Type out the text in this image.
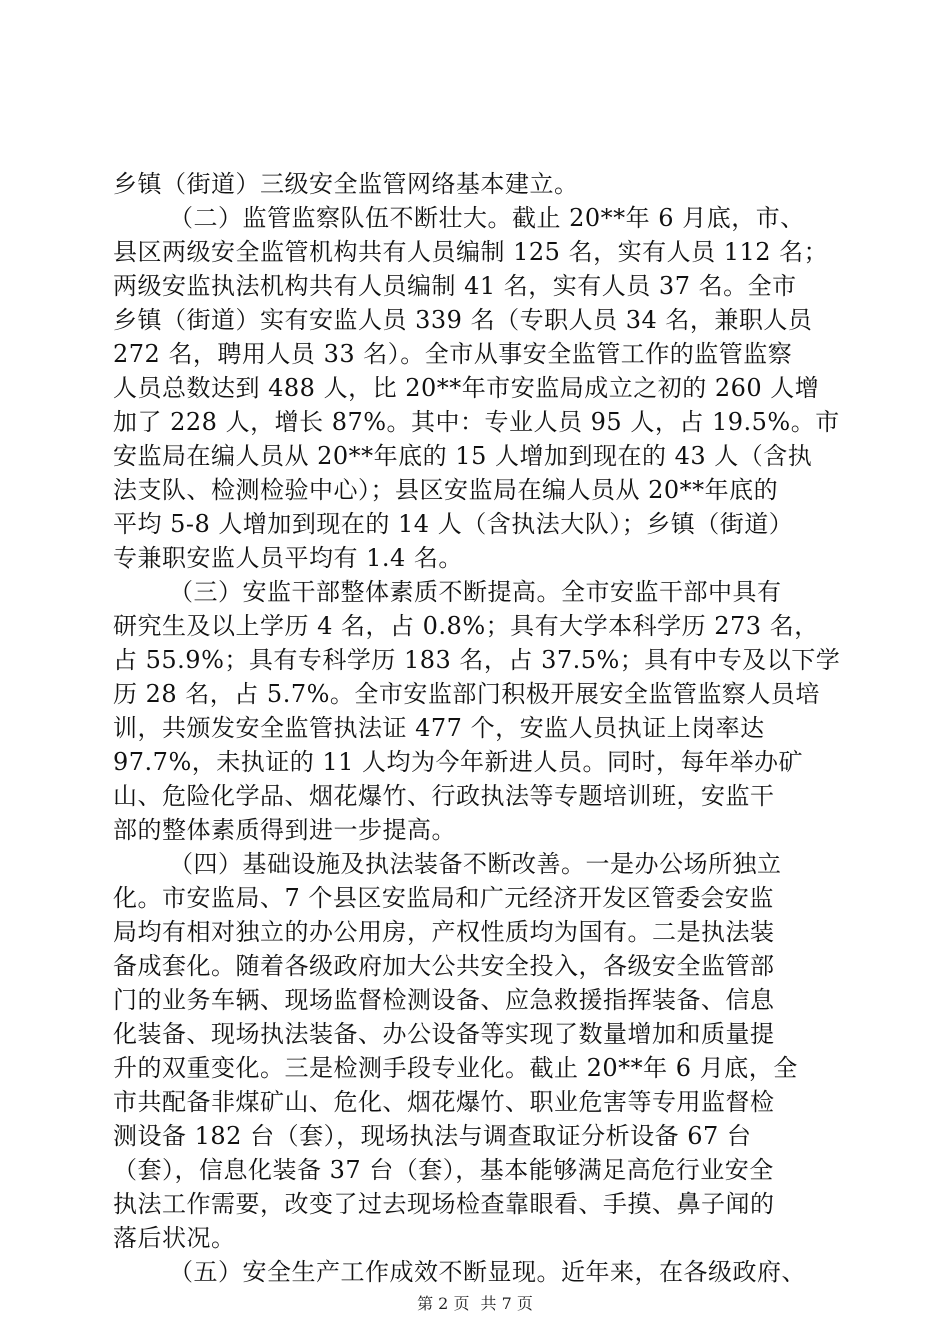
乡镇（街道）三级安全监管网络基本建立。
（二）监管监察队伍不断壮大。截止 20**年 6 月底，市、
县区两级安全监管机构共有人员编制 125 名，实有人员 112 名；
两级安监执法机构共有人员编制 41 名，实有人员 37 名。全市
乡镇（街道）实有安监人员 339 名（专职人员 34 名，兼职人员
272 名，聘用人员 33 名）。全市从事安全监管工作的监管监察
人员总数达到 488 人，比 20**年市安监局成立之初的 260 人增
加了 228 人，增长 87%。其中：专业人员 95 人，占 19.5%。市
安监局在编人员从 20**年底的 15 人增加到现在的 43 人（含执
法支队、检测检验中心）；县区安监局在编人员从 20**年底的
平均 5-8 人增加到现在的 14 人（含执法大队）；乡镇（街道）
专兼职安监人员平均有 1.4 名。
（三）安监干部整体素质不断提高。全市安监干部中具有
研究生及以上学历 4 名，占 0.8%；具有大学本科学历 273 名，
占 55.9%；具有专科学历 183 名，占 37.5%；具有中专及以下学
历 28 名，占 5.7%。全市安监部门积极开展安全监管监察人员培
训，共颁发安全监管执法证 477 个，安监人员执证上岗率达
97.7%，未执证的 11 人均为今年新进人员。同时，每年举办矿
山、危险化学品、烟花爆竹、行政执法等专题培训班，安监干
部的整体素质得到进一步提高。
（四）基础设施及执法装备不断改善。一是办公场所独立
化。市安监局、7 个县区安监局和广元经济开发区管委会安监
局均有相对独立的办公用房，产权性质均为国有。二是执法装
备成套化。随着各级政府加大公共安全投入，各级安全监管部
门的业务车辆、现场监督检测设备、应急救援指挥装备、信息
化装备、现场执法装备、办公设备等实现了数量增加和质量提
升的双重变化。三是检测手段专业化。截止 20**年 6 月底，全
市共配备非煤矿山、危化、烟花爆竹、职业危害等专用监督检
测设备 182 台（套），现场执法与调查取证分析设备 67 台
（套），信息化装备 37 台（套），基本能够满足高危行业安全
执法工作需要，改变了过去现场检查靠眼看、手摸、鼻子闻的
落后状况。
（五）安全生产工作成效不断显现。近年来，在各级政府、
第 2 页 共 7 页
